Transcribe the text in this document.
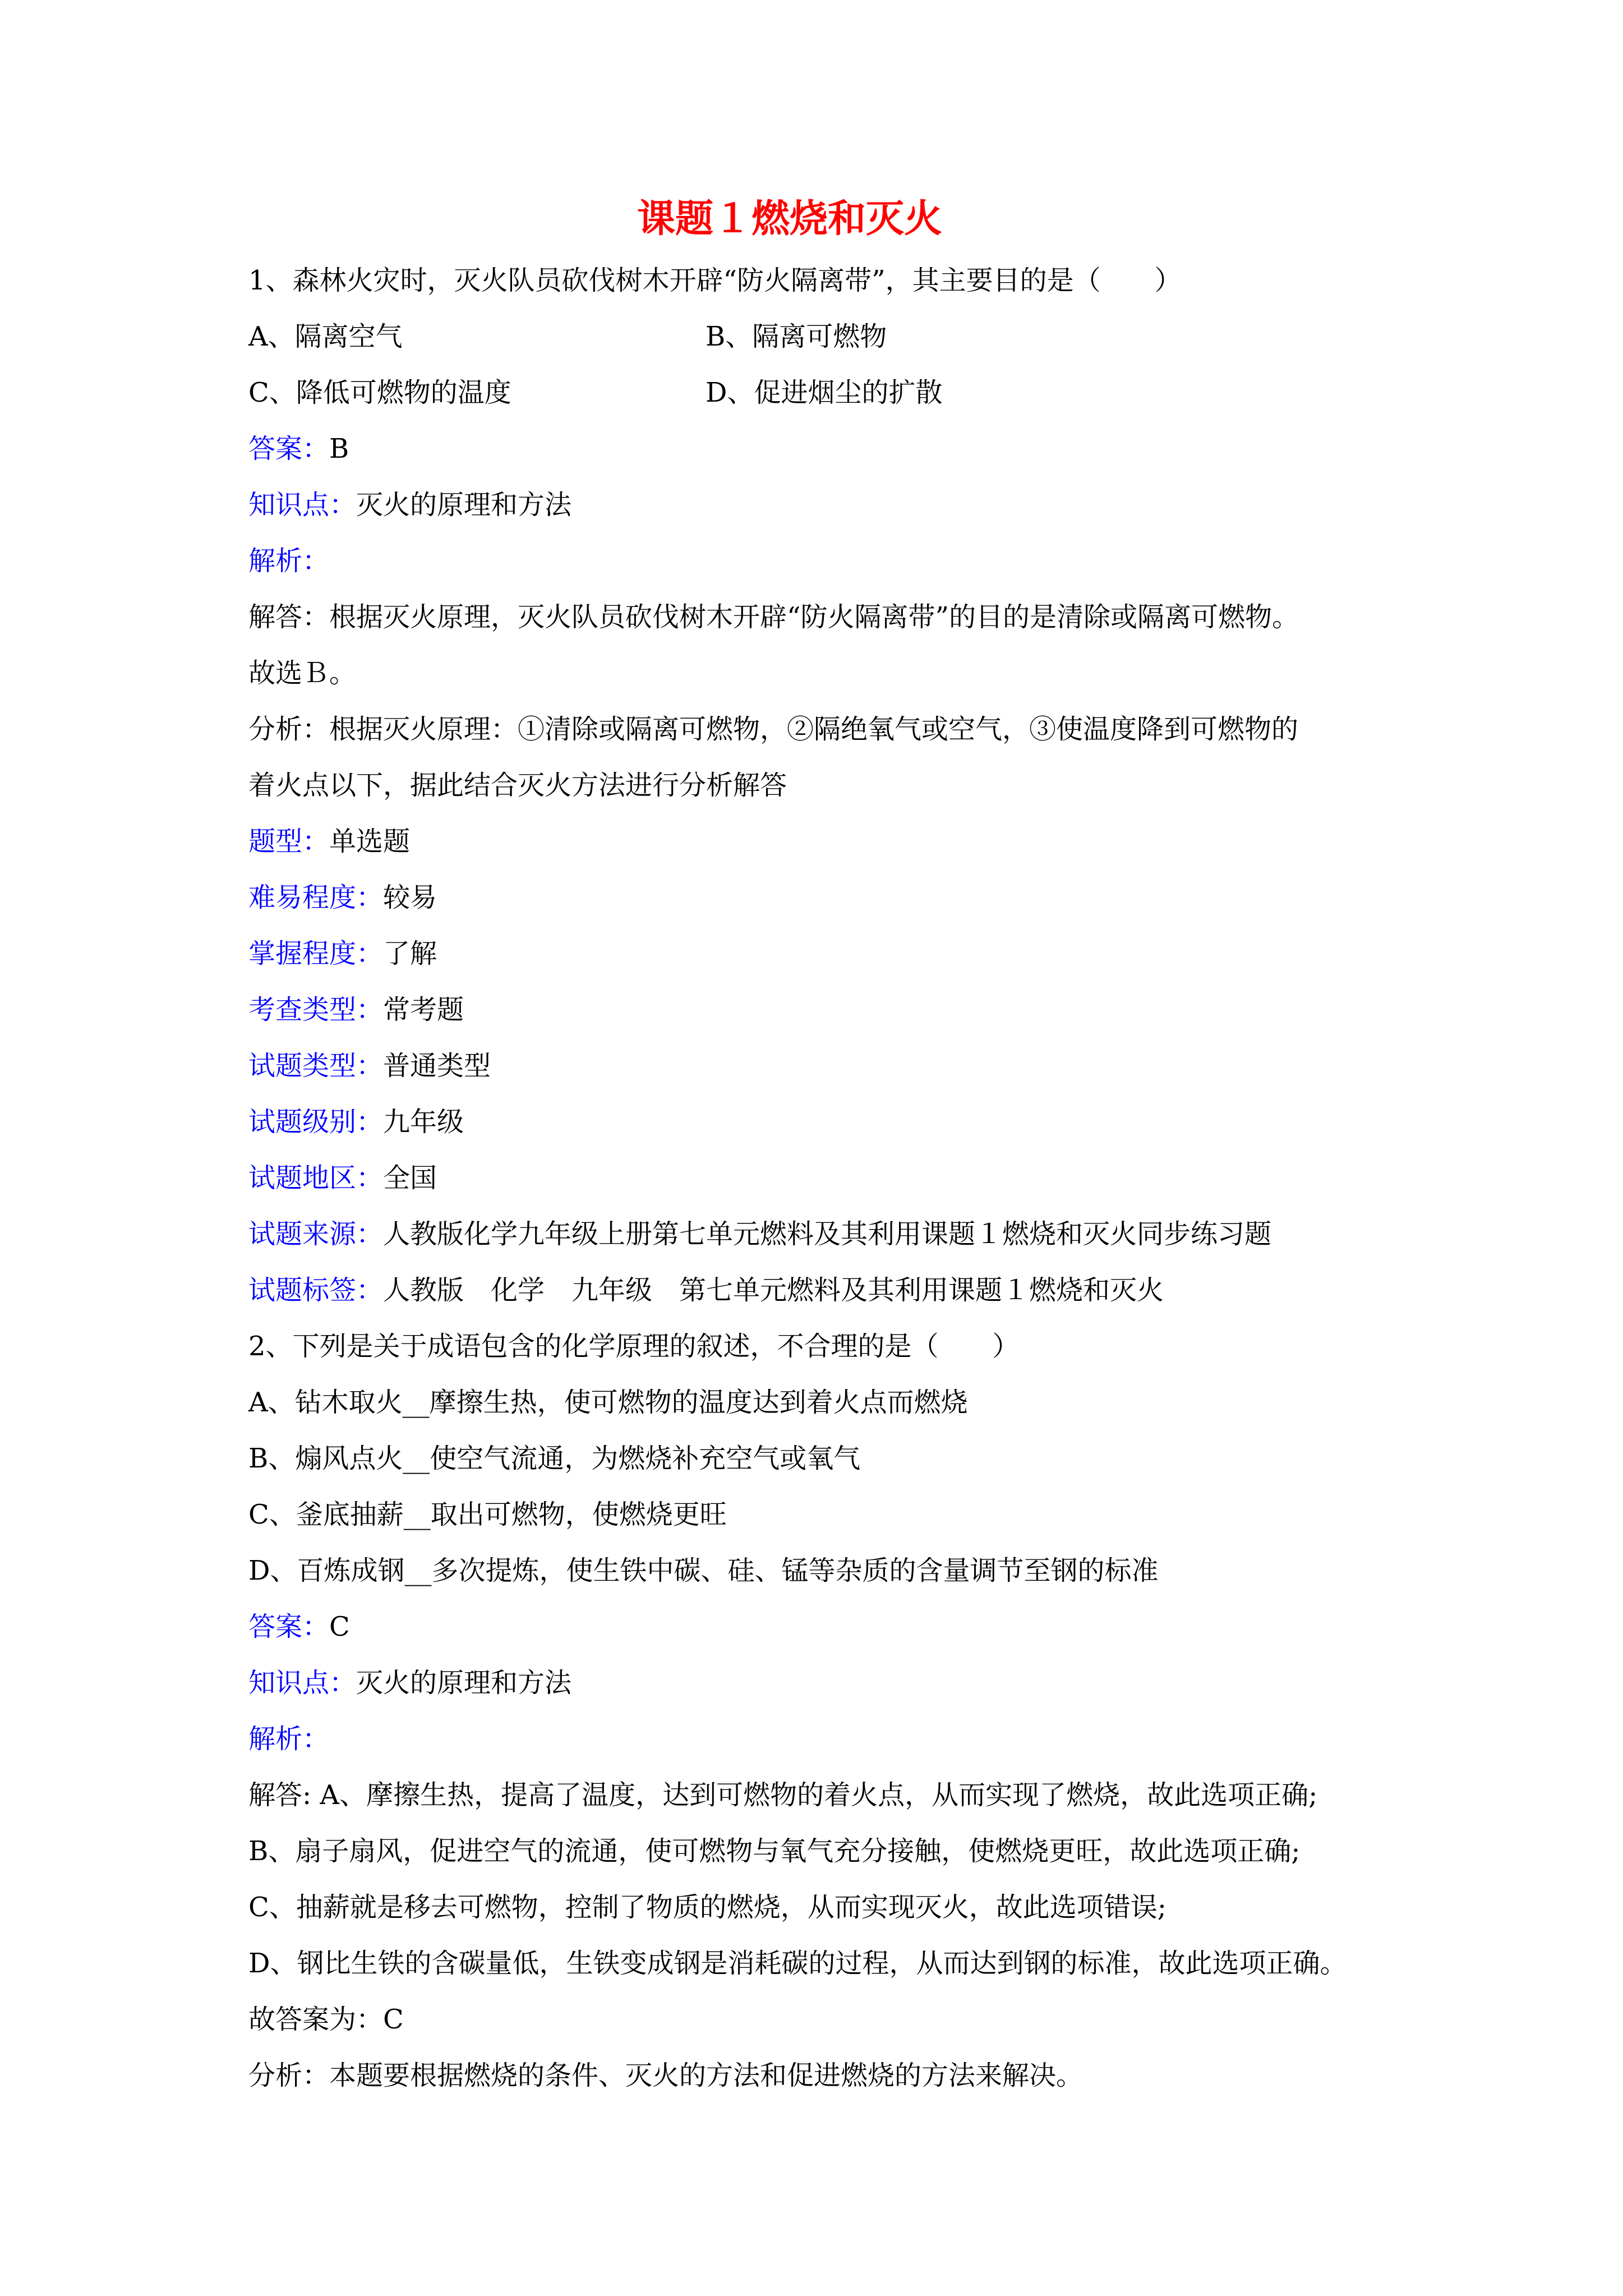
课题１燃烧和灭火
1、森林火灾时，灭火队员砍伐树木开辟“防火隔离带”，其主要目的是（　　）
A、隔离空气	B、隔离可燃物
C、降低可燃物的温度	D、促进烟尘的扩散
答案：B
知识点：灭火的原理和方法
解析：
解答：根据灭火原理，灭火队员砍伐树木开辟“防火隔离带”的目的是清除或隔离可燃物。
故选Ｂ。
分析：根据灭火原理：①清除或隔离可燃物，②隔绝氧气或空气，③使温度降到可燃物的
着火点以下，据此结合灭火方法进行分析解答
题型：单选题
难易程度：较易
掌握程度：了解
考查类型：常考题
试题类型：普通类型
试题级别：九年级
试题地区：全国
试题来源：人教版化学九年级上册第七单元燃料及其利用课题１燃烧和灭火同步练习题
试题标签：人教版　化学　九年级　第七单元燃料及其利用课题１燃烧和灭火
2、下列是关于成语包含的化学原理的叙述，不合理的是（　　）
A、钻木取火__摩擦生热，使可燃物的温度达到着火点而燃烧
B、煽风点火__使空气流通，为燃烧补充空气或氧气
C、釜底抽薪__取出可燃物，使燃烧更旺
D、百炼成钢__多次提炼，使生铁中碳、硅、锰等杂质的含量调节至钢的标准
答案：C
知识点：灭火的原理和方法
解析：
解答: A、摩擦生热，提高了温度，达到可燃物的着火点，从而实现了燃烧，故此选项正确;
B、扇子扇风，促进空气的流通，使可燃物与氧气充分接触，使燃烧更旺，故此选项正确;
C、抽薪就是移去可燃物，控制了物质的燃烧，从而实现灭火，故此选项错误;
D、钢比生铁的含碳量低，生铁变成钢是消耗碳的过程，从而达到钢的标准，故此选项正确。
故答案为：C
分析：本题要根据燃烧的条件、灭火的方法和促进燃烧的方法来解决。
